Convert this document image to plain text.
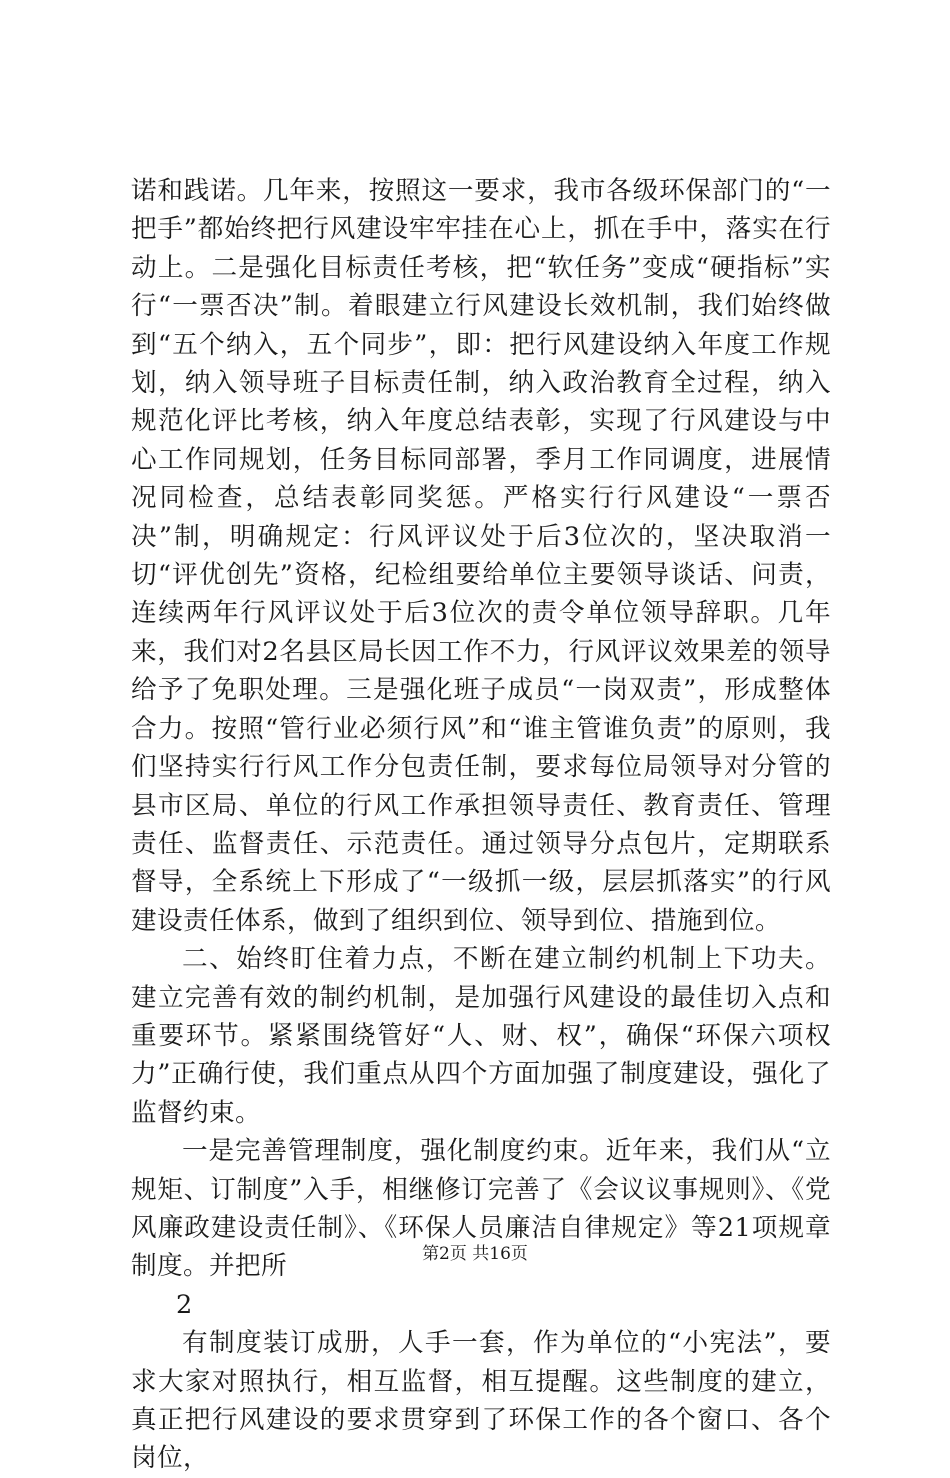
诺和践诺。几年来，按照这一要求，我市各级环保部门的“一把手”都始终把行风建设牢牢挂在心上，抓在手中，落实在行动上。二是强化目标责任考核，把“软任务”变成“硬指标”实行“一票否决”制。着眼建立行风建设长效机制，我们始终做到“五个纳入，五个同步”，即：把行风建设纳入年度工作规划，纳入领导班子目标责任制，纳入政治教育全过程，纳入规范化评比考核，纳入年度总结表彰，实现了行风建设与中心工作同规划，任务目标同部署，季月工作同调度，进展情况同检查，总结表彰同奖惩。严格实行行风建设“一票否决”制，明确规定：行风评议处于后3位次的，坚决取消一切“评优创先”资格，纪检组要给单位主要领导谈话、问责，连续两年行风评议处于后3位次的责令单位领导辞职。几年来，我们对2名县区局长因工作不力，行风评议效果差的领导给予了免职处理。三是强化班子成员“一岗双责”，形成整体合力。按照“管行业必须行风”和“谁主管谁负责”的原则，我们坚持实行行风工作分包责任制，要求每位局领导对分管的县市区局、单位的行风工作承担领导责任、教育责任、管理责任、监督责任、示范责任。通过领导分点包片，定期联系督导，全系统上下形成了“一级抓一级，层层抓落实”的行风建设责任体系，做到了组织到位、领导到位、措施到位。

二、始终盯住着力点，不断在建立制约机制上下功夫。建立完善有效的制约机制，是加强行风建设的最佳切入点和重要环节。紧紧围绕管好“人、财、权”，确保“环保六项权力”正确行使，我们重点从四个方面加强了制度建设，强化了监督约束。

一是完善管理制度，强化制度约束。近年来，我们从“立规矩、订制度”入手，相继修订完善了《会议议事规则》、《党风廉政建设责任制》、《环保人员廉洁自律规定》等21项规章制度。并把所

2

有制度装订成册，人手一套，作为单位的“小宪法”，要求大家对照执行，相互监督，相互提醒。这些制度的建立，真正把行风建设的要求贯穿到了环保工作的各个窗口、各个岗位，

第2页 共16页
